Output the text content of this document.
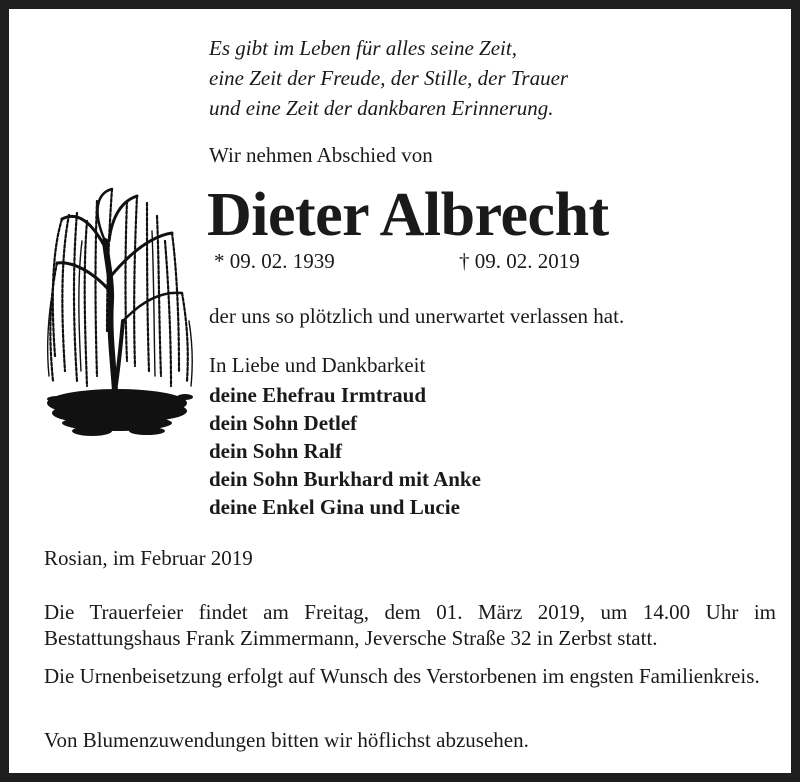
Es gibt im Leben für alles seine Zeit,
eine Zeit der Freude, der Stille, der Trauer
und eine Zeit der dankbaren Erinnerung.
Wir nehmen Abschied von
Dieter Albrecht
* 09. 02. 1939	† 09. 02. 2019
der uns so plötzlich und unerwartet verlassen hat.
In Liebe und Dankbarkeit
deine Ehefrau Irmtraud
dein Sohn Detlef
dein Sohn Ralf
dein Sohn Burkhard mit Anke
deine Enkel Gina und Lucie
Rosian, im Februar 2019
Die Trauerfeier findet am Freitag, dem 01. März 2019, um 14.00 Uhr im Bestattungshaus Frank Zimmermann, Jeversche Straße 32 in Zerbst statt.
Die Urnenbeisetzung erfolgt auf Wunsch des Verstorbenen im engsten Familienkreis.
Von Blumenzuwendungen bitten wir höflichst abzusehen.
